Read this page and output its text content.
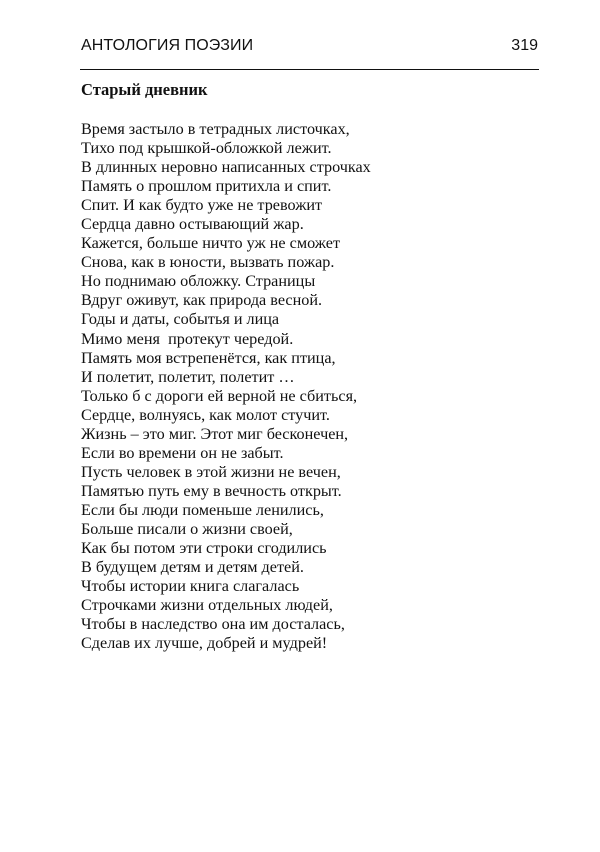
АНТОЛОГИЯ ПОЭЗИИ	319
Старый дневник
Время застыло в тетрадных листочках,
Тихо под крышкой-обложкой лежит.
В длинных неровно написанных строчках
Память о прошлом притихла и спит.
Спит. И как будто уже не тревожит
Сердца давно остывающий жар.
Кажется, больше ничто уж не сможет
Снова, как в юности, вызвать пожар.
Но поднимаю обложку. Страницы
Вдруг оживут, как природа весной.
Годы и даты, событья и лица
Мимо меня  протекут чередой.
Память моя встрепенётся, как птица,
И полетит, полетит, полетит …
Только б с дороги ей верной не сбиться,
Сердце, волнуясь, как молот стучит.
Жизнь – это миг. Этот миг бесконечен,
Если во времени он не забыт.
Пусть человек в этой жизни не вечен,
Памятью путь ему в вечность открыт.
Если бы люди поменьше ленились,
Больше писали о жизни своей,
Как бы потом эти строки сгодились
В будущем детям и детям детей.
Чтобы истории книга слагалась
Строчками жизни отдельных людей,
Чтобы в наследство она им досталась,
Сделав их лучше, добрей и мудрей!
